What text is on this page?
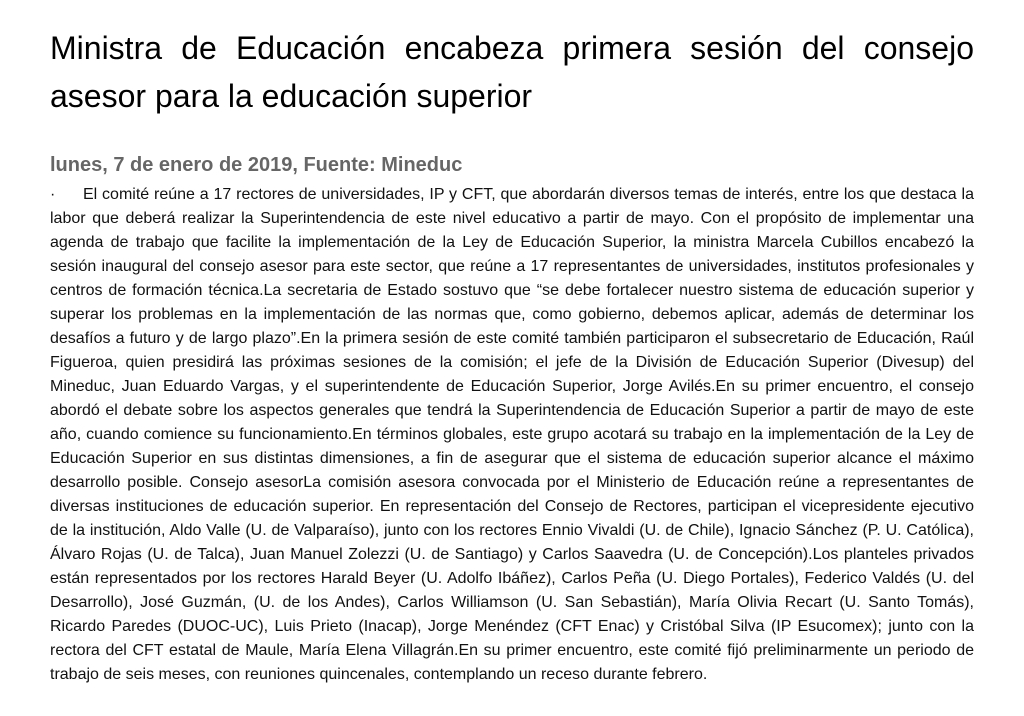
Ministra de Educación encabeza primera sesión del consejo asesor para la educación superior
lunes, 7 de enero de 2019, Fuente: Mineduc

· El comité reúne a 17 rectores de universidades, IP y CFT, que abordarán diversos temas de interés, entre los que destaca la labor que deberá realizar la Superintendencia de este nivel educativo a partir de mayo. Con el propósito de implementar una agenda de trabajo que facilite la implementación de la Ley de Educación Superior, la ministra Marcela Cubillos encabezó la sesión inaugural del consejo asesor para este sector, que reúne a 17 representantes de universidades, institutos profesionales y centros de formación técnica.La secretaria de Estado sostuvo que “se debe fortalecer nuestro sistema de educación superior y superar los problemas en la implementación de las normas que, como gobierno, debemos aplicar, además de determinar los desafíos a futuro y de largo plazo”.En la primera sesión de este comité también participaron el subsecretario de Educación, Raúl Figueroa, quien presidirá las próximas sesiones de la comisión; el jefe de la División de Educación Superior (Divesup) del Mineduc, Juan Eduardo Vargas, y el superintendente de Educación Superior, Jorge Avilés.En su primer encuentro, el consejo abordó el debate sobre los aspectos generales que tendrá la Superintendencia de Educación Superior a partir de mayo de este año, cuando comience su funcionamiento.En términos globales, este grupo acotará su trabajo en la implementación de la Ley de Educación Superior en sus distintas dimensiones, a fin de asegurar que el sistema de educación superior alcance el máximo desarrollo posible. Consejo asesorLa comisión asesora convocada por el Ministerio de Educación reúne a representantes de diversas instituciones de educación superior. En representación del Consejo de Rectores, participan el vicepresidente ejecutivo de la institución, Aldo Valle (U. de Valparaíso), junto con los rectores Ennio Vivaldi (U. de Chile), Ignacio Sánchez (P. U. Católica), Álvaro Rojas (U. de Talca), Juan Manuel Zolezzi (U. de Santiago) y Carlos Saavedra (U. de Concepción).Los planteles privados están representados por los rectores Harald Beyer (U. Adolfo Ibáñez), Carlos Peña (U. Diego Portales), Federico Valdés (U. del Desarrollo), José Guzmán, (U. de los Andes), Carlos Williamson (U. San Sebastián), María Olivia Recart (U. Santo Tomás), Ricardo Paredes (DUOC-UC), Luis Prieto (Inacap), Jorge Menéndez (CFT Enac) y Cristóbal Silva (IP Esucomex); junto con la rectora del CFT estatal de Maule, María Elena Villagrán.En su primer encuentro, este comité fijó preliminarmente un periodo de trabajo de seis meses, con reuniones quincenales, contemplando un receso durante febrero.
